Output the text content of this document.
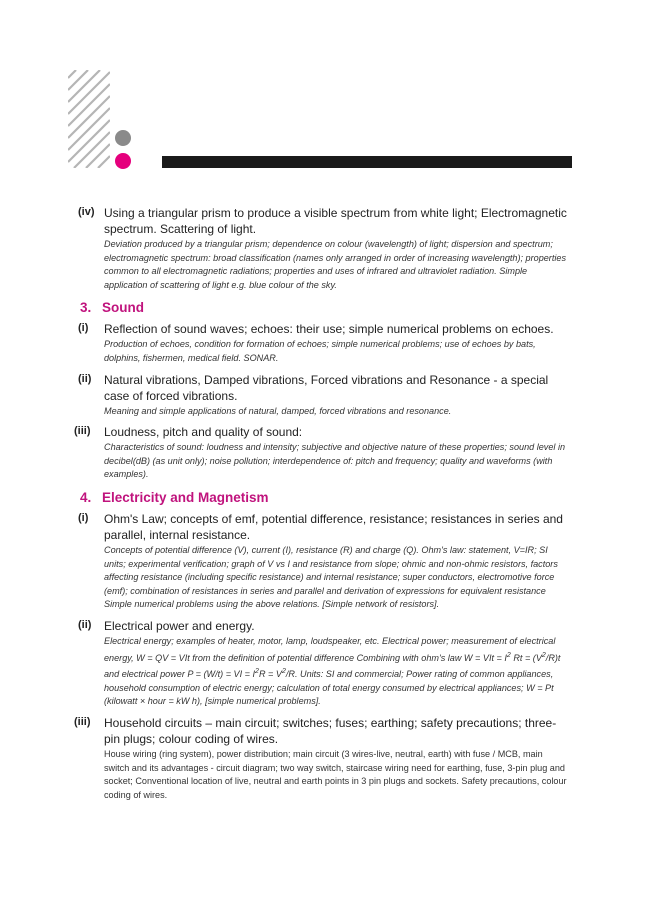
(iv) Using a triangular prism to produce a visible spectrum from white light; Electromagnetic spectrum. Scattering of light.
Deviation produced by a triangular prism; dependence on colour (wavelength) of light; dispersion and spectrum; electromagnetic spectrum: broad classification (names only arranged in order of increasing wavelength); properties common to all electromagnetic radiations; properties and uses of infrared and ultraviolet radiation. Simple application of scattering of light e.g. blue colour of the sky.
3. Sound
(i) Reflection of sound waves; echoes: their use; simple numerical problems on echoes.
Production of echoes, condition for formation of echoes; simple numerical problems; use of echoes by bats, dolphins, fishermen, medical field. SONAR.
(ii) Natural vibrations, Damped vibrations, Forced vibrations and Resonance - a special case of forced vibrations.
Meaning and simple applications of natural, damped, forced vibrations and resonance.
(iii) Loudness, pitch and quality of sound:
Characteristics of sound: loudness and intensity; subjective and objective nature of these properties; sound level in decibel(dB) (as unit only); noise pollution; interdependence of: pitch and frequency; quality and waveforms (with examples).
4. Electricity and Magnetism
(i) Ohm's Law; concepts of emf, potential difference, resistance; resistances in series and parallel, internal resistance.
Concepts of potential difference (V), current (I), resistance (R) and charge (Q). Ohm's law: statement, V=IR; SI units; experimental verification; graph of V vs I and resistance from slope; ohmic and non-ohmic resistors, factors affecting resistance (including specific resistance) and internal resistance; super conductors, electromotive force (emf); combination of resistances in series and parallel and derivation of expressions for equivalent resistance Simple numerical problems using the above relations. [Simple network of resistors].
(ii) Electrical power and energy.
Electrical energy; examples of heater, motor, lamp, loudspeaker, etc. Electrical power; measurement of electrical energy, W = QV = VIt from the definition of potential difference Combining with ohm's law W = VIt = $I^2$ $Rt = (V^2/R)t$ and electrical power P = (W/t) = VI = $I^2R = V^2/R$. Units: SI and commercial; Power rating of common appliances, household consumption of electric energy; calculation of total energy consumed by electrical appliances; W = Pt (kilowatt × hour = kW h), [simple numerical problems].
(iii) Household circuits – main circuit; switches; fuses; earthing; safety precautions; three-pin plugs; colour coding of wires.
House wiring (ring system), power distribution; main circuit (3 wires-live, neutral, earth) with fuse / MCB, main switch and its advantages - circuit diagram; two way switch, staircase wiring need for earthing, fuse, 3-pin plug and socket; Conventional location of live, neutral and earth points in 3 pin plugs and sockets. Safety precautions, colour coding of wires.
